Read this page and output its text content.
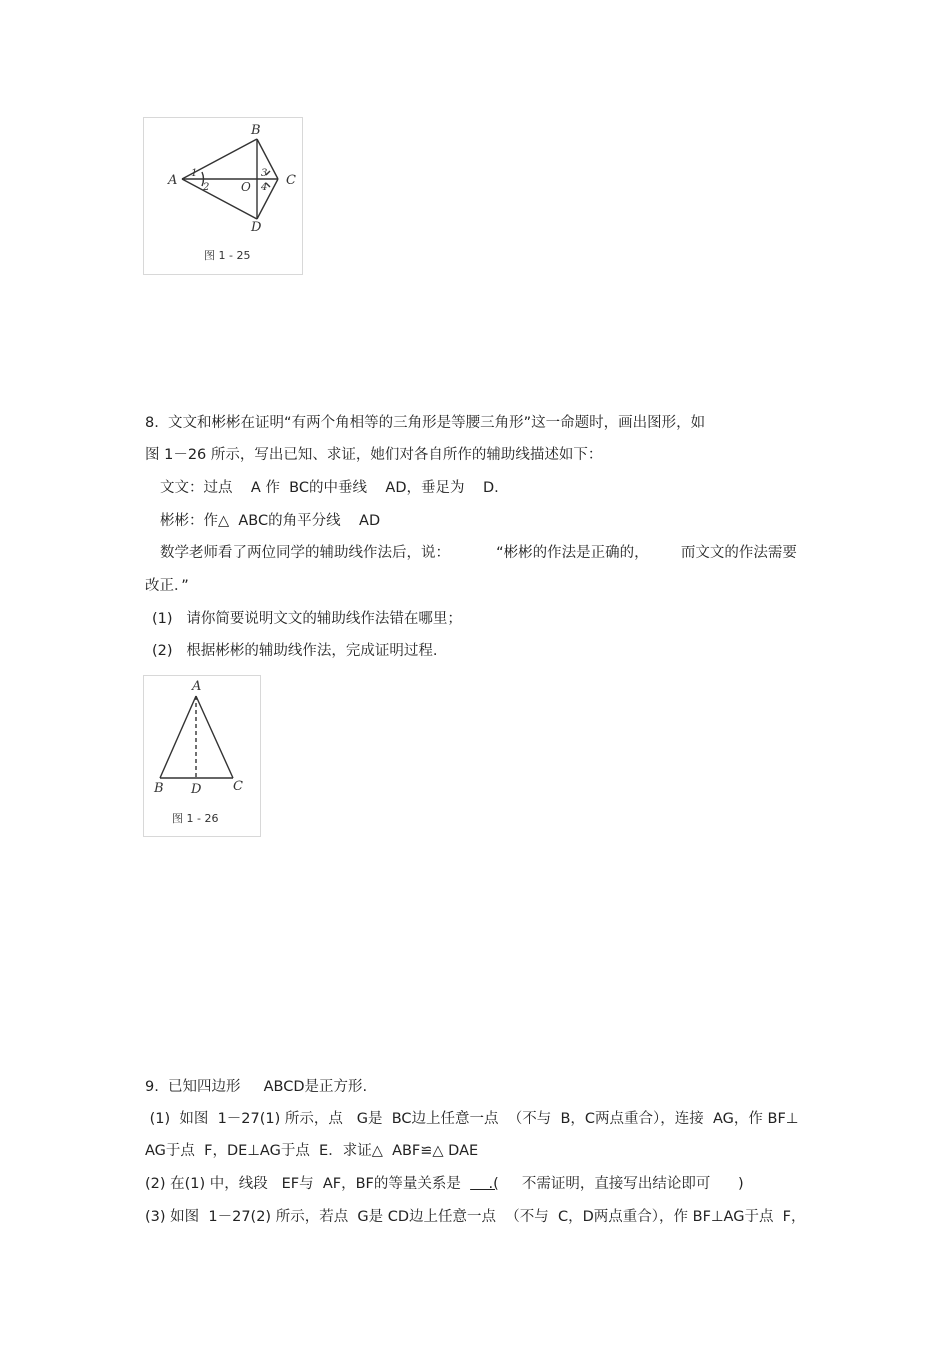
B
A	C
D
O
1
2
3
4
图 1 - 25
8.  文文和彬彬在证明“有两个角相等的三角形是等腰三角形”这一命题时，画出图形，如
图 1－26 所示，写出已知、求证，她们对各自所作的辅助线描述如下：
文文：过点    A 作  BC的中垂线    AD，垂足为    D.
彬彬：作△  ABC的角平分线    AD
数学老师看了两位同学的辅助线作法后，说：          “彬彬的作法是正确的，       而文文的作法需要
改正．”
(1)   请你简要说明文文的辅助线作法错在哪里；
(2)   根据彬彬的辅助线作法，完成证明过程.
A
B D C
图 1 - 26
9.  已知四边形     ABCD是正方形.
(1)  如图  1－27(1) 所示，点   G是  BC边上任意一点  （不与  B，C两点重合），连接  AG，作 BF⊥
AG于点  F，DE⊥AG于点  E．求证△  ABF≌△ DAE
(2) 在(1) 中，线段   EF与  AF，BF的等量关系是      .(     不需证明，直接写出结论即可      )
(3) 如图  1－27(2) 所示，若点  G是 CD边上任意一点  （不与  C，D两点重合），作 BF⊥AG于点  F，
